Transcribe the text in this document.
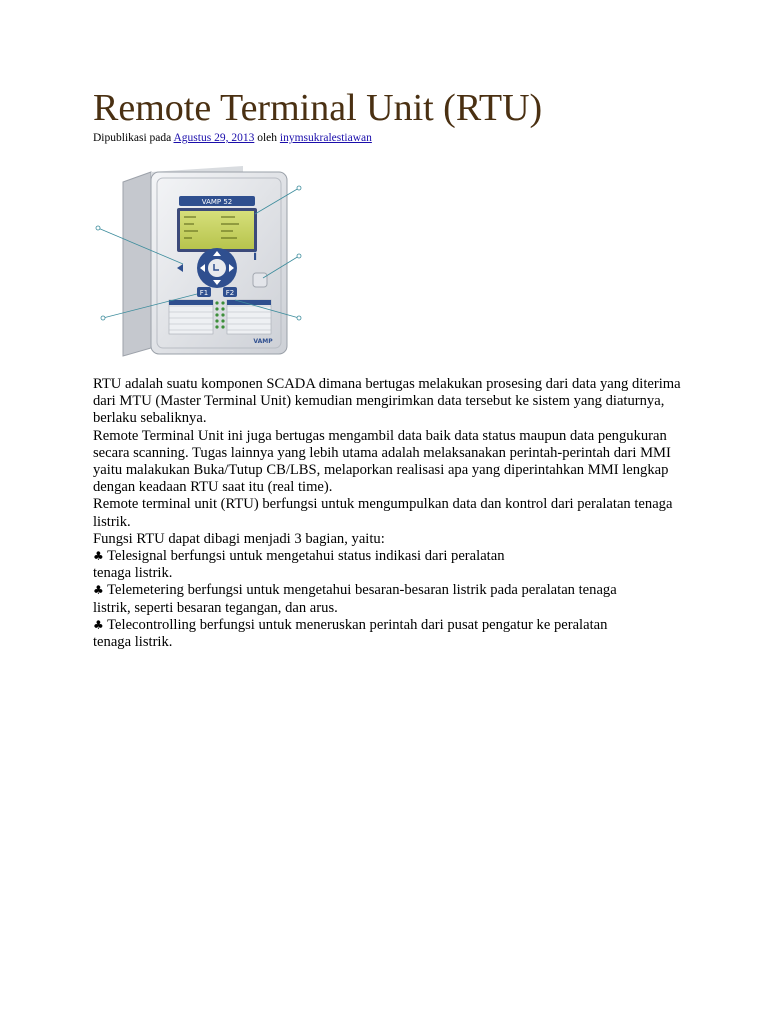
Remote Terminal Unit (RTU)
Dipublikasi pada Agustus 29, 2013 oleh inymsukralestiawan
VAMP 52
i
F1	F2
VAMP

RTU adalah suatu komponen SCADA dimana bertugas melakukan prosesing dari data yang diterima dari MTU (Master Terminal Unit) kemudian mengirimkan data tersebut ke sistem yang diaturnya, berlaku sebaliknya.

Remote Terminal Unit ini juga bertugas mengambil data baik data status maupun data pengukuran secara scanning. Tugas lainnya yang lebih utama adalah melaksanakan perintah-perintah dari MMI yaitu malakukan Buka/Tutup CB/LBS, melaporkan realisasi apa yang diperintahkan MMI lengkap dengan keadaan RTU saat itu (real time).

Remote terminal unit (RTU) berfungsi untuk mengumpulkan data dan kontrol dari peralatan tenaga listrik.

Fungsi RTU dapat dibagi menjadi 3 bagian, yaitu:

♣ Telesignal berfungsi untuk mengetahui status indikasi dari peralatan
tenaga listrik.

♣ Telemetering berfungsi untuk mengetahui besaran-besaran listrik pada peralatan tenaga
listrik, seperti besaran tegangan, dan arus.

♣ Telecontrolling berfungsi untuk meneruskan perintah dari pusat pengatur ke peralatan
tenaga listrik.
